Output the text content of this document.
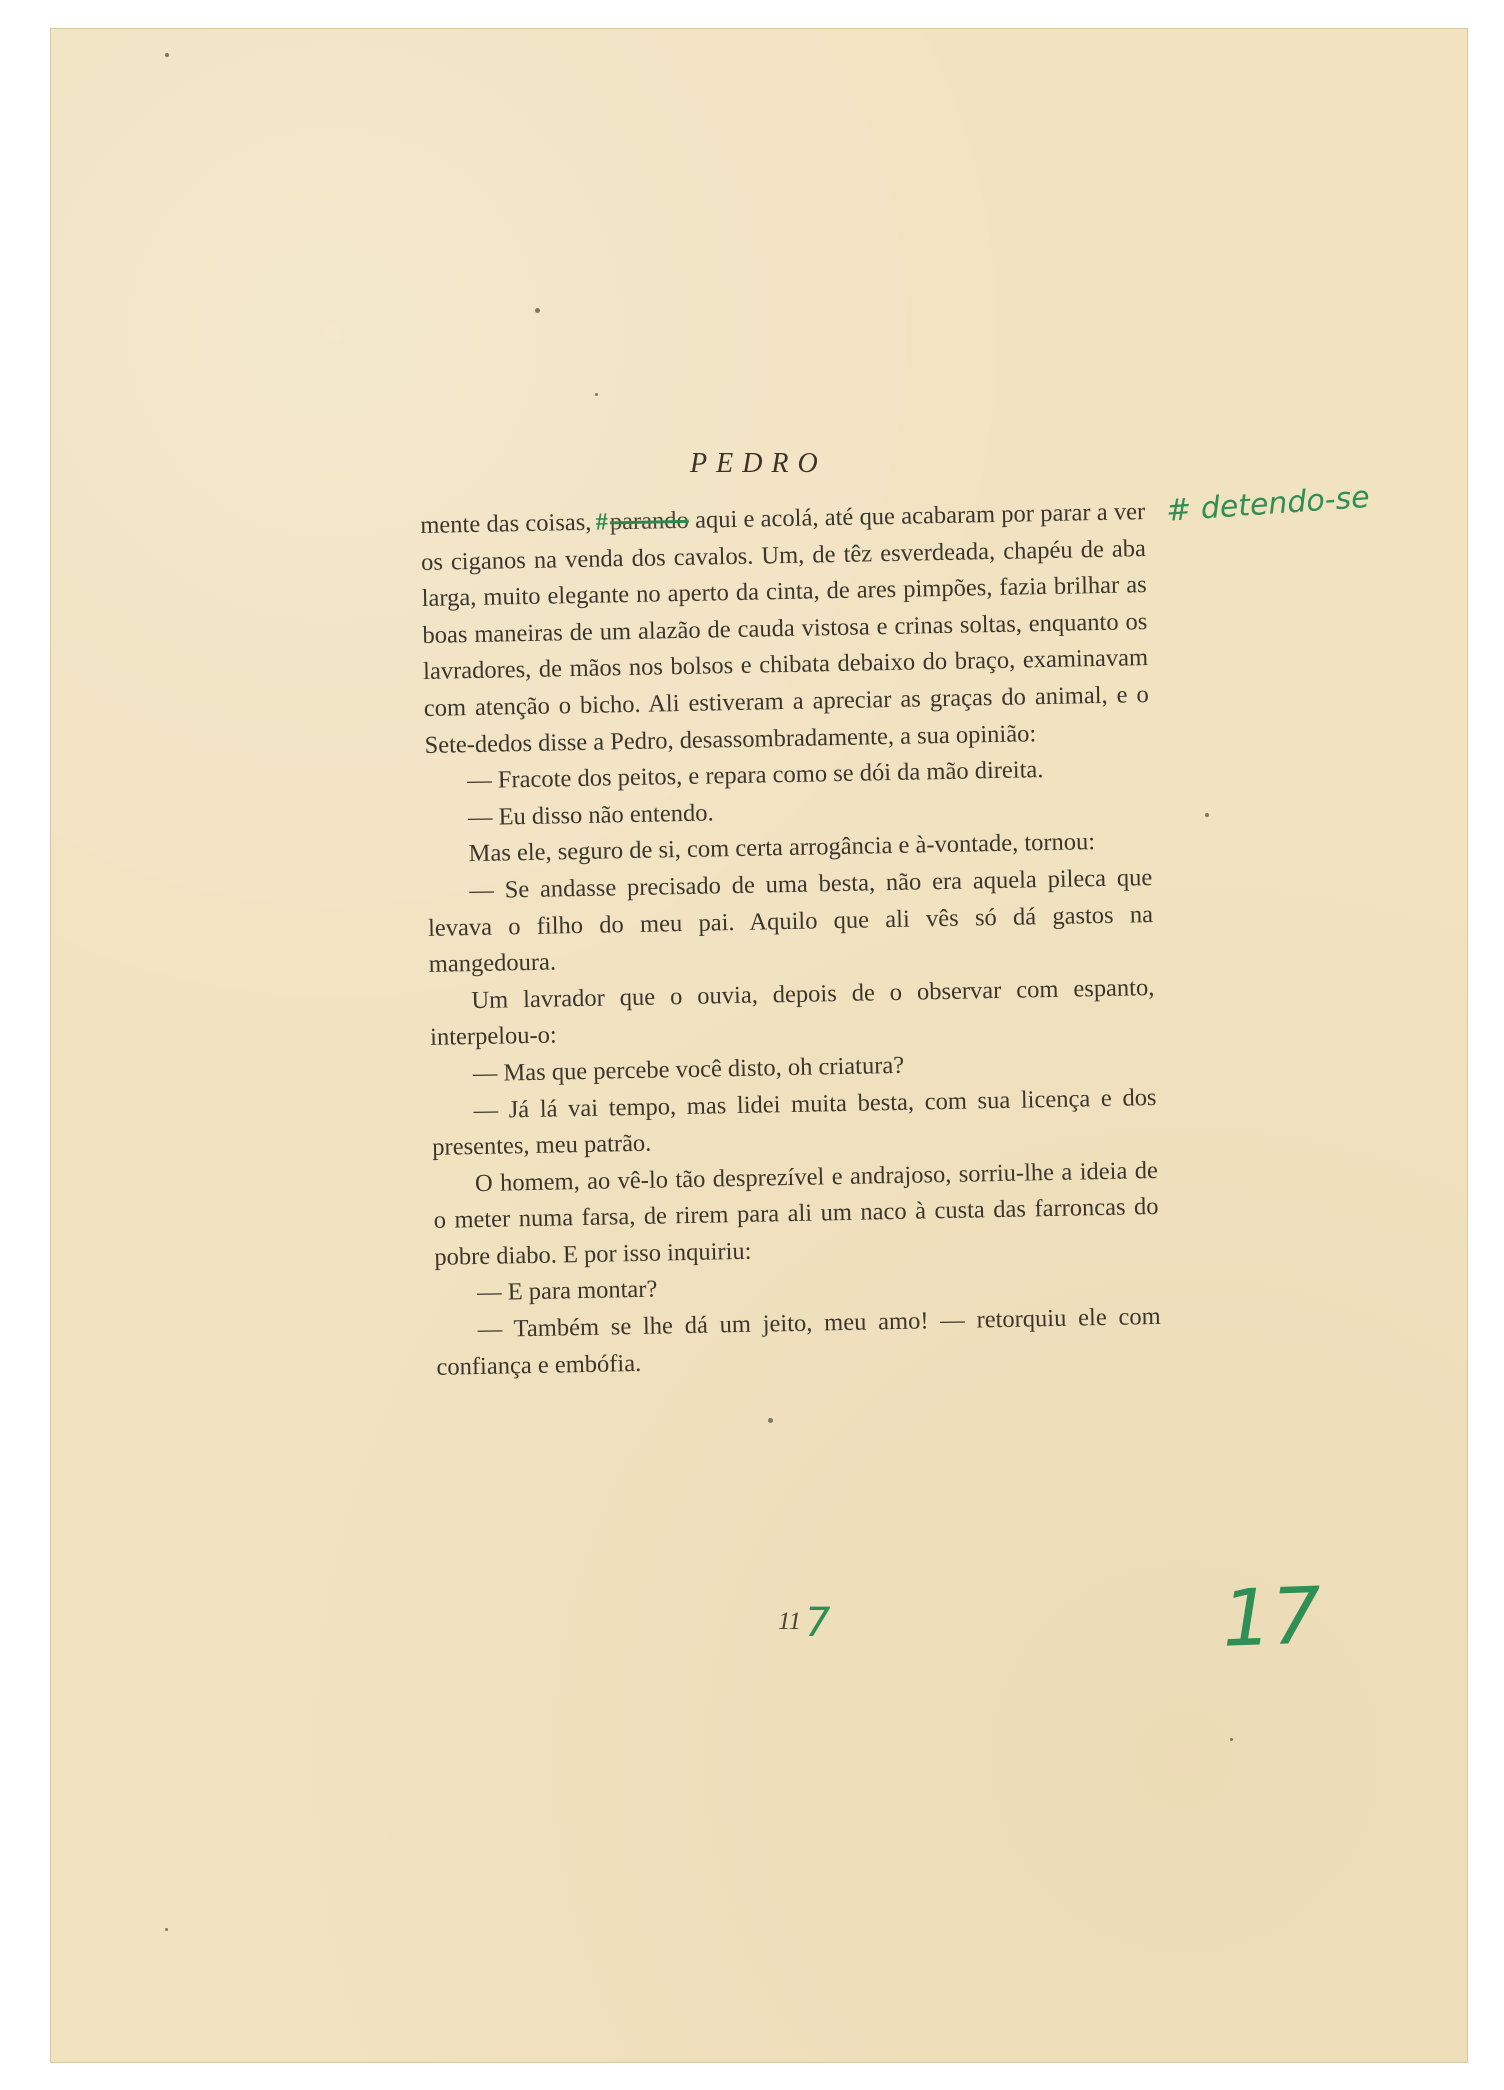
PEDRO

mente das coisas, #parando aqui e acolá, até que acabaram por parar a ver os ciganos na venda dos cavalos. Um, de têz esverdeada, chapéu de aba larga, muito elegante no aperto da cinta, de ares pimpões, fazia brilhar as boas maneiras de um alazão de cauda vistosa e crinas soltas, enquanto os lavradores, de mãos nos bolsos e chibata debaixo do braço, examinavam com atenção o bicho. Ali estiveram a apreciar as graças do animal, e o Sete-dedos disse a Pedro, desassombradamente, a sua opinião:

— Fracote dos peitos, e repara como se dói da mão direita.

— Eu disso não entendo.

Mas ele, seguro de si, com certa arrogância e à-vontade, tornou:

— Se andasse precisado de uma besta, não era aquela pileca que levava o filho do meu pai. Aquilo que ali vês só dá gastos na mangedoura.

Um lavrador que o ouvia, depois de o observar com espanto, interpelou-o:

— Mas que percebe você disto, oh criatura?

— Já lá vai tempo, mas lidei muita besta, com sua licença e dos presentes, meu patrão.

O homem, ao vê-lo tão desprezível e andrajoso, sorriu-lhe a ideia de o meter numa farsa, de rirem para ali um naco à custa das farroncas do pobre diabo. E por isso inquiriu:

— E para montar?

— Também se lhe dá um jeito, meu amo! — retorquiu ele com confiança e embófia.

# detendo-se
11 7	17
